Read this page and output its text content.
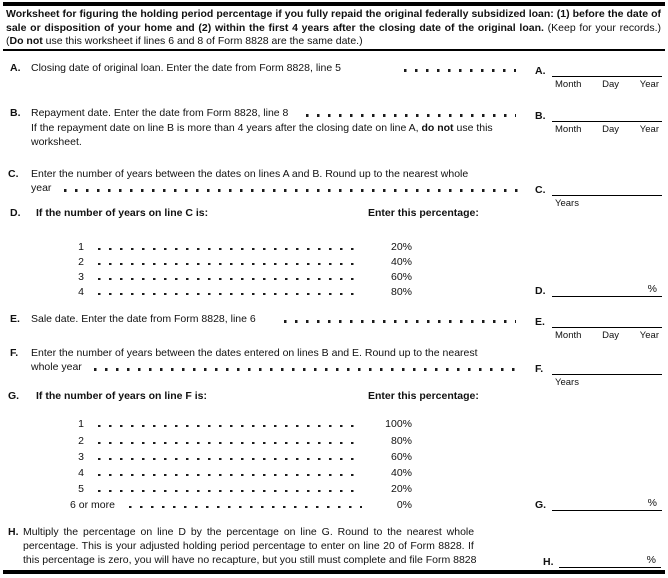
Worksheet for figuring the holding period percentage if you fully repaid the original federally subsidized loan: (1) before the date of sale or disposition of your home and (2) within the first 4 years after the closing date of the original loan. (Keep for your records.) (Do not use this worksheet if lines 6 and 8 of Form 8828 are the same date.)
A. Closing date of original loan. Enter the date from Form 8828, line 5	A.
Month Day Year
B. Repayment date. Enter the date from Form 8828, line 8
If the repayment date on line B is more than 4 years after the closing date on line A, do not use this worksheet.
B.
Month Day Year
C. Enter the number of years between the dates on lines A and B. Round up to the nearest whole
year	C.
Years
D. If the number of years on line C is:	Enter this percentage:
1	20%
2	40%
3	60%
4	80%	D.	%
E. Sale date. Enter the date from Form 8828, line 6	E.
Month Day Year
F. Enter the number of years between the dates entered on lines B and E. Round up to the nearest
whole year	F.
Years
G. If the number of years on line F is:	Enter this percentage:
1	100%
2	80%
3	60%
4	40%
5	20%
6 or more	0%	G.	%
H. Multiply the percentage on line D by the percentage on line G. Round to the nearest whole
percentage. This is your adjusted holding period percentage to enter on line 20 of Form 8828. If
this percentage is zero, you will have no recapture, but you still must complete and file Form 8828	H.	%
